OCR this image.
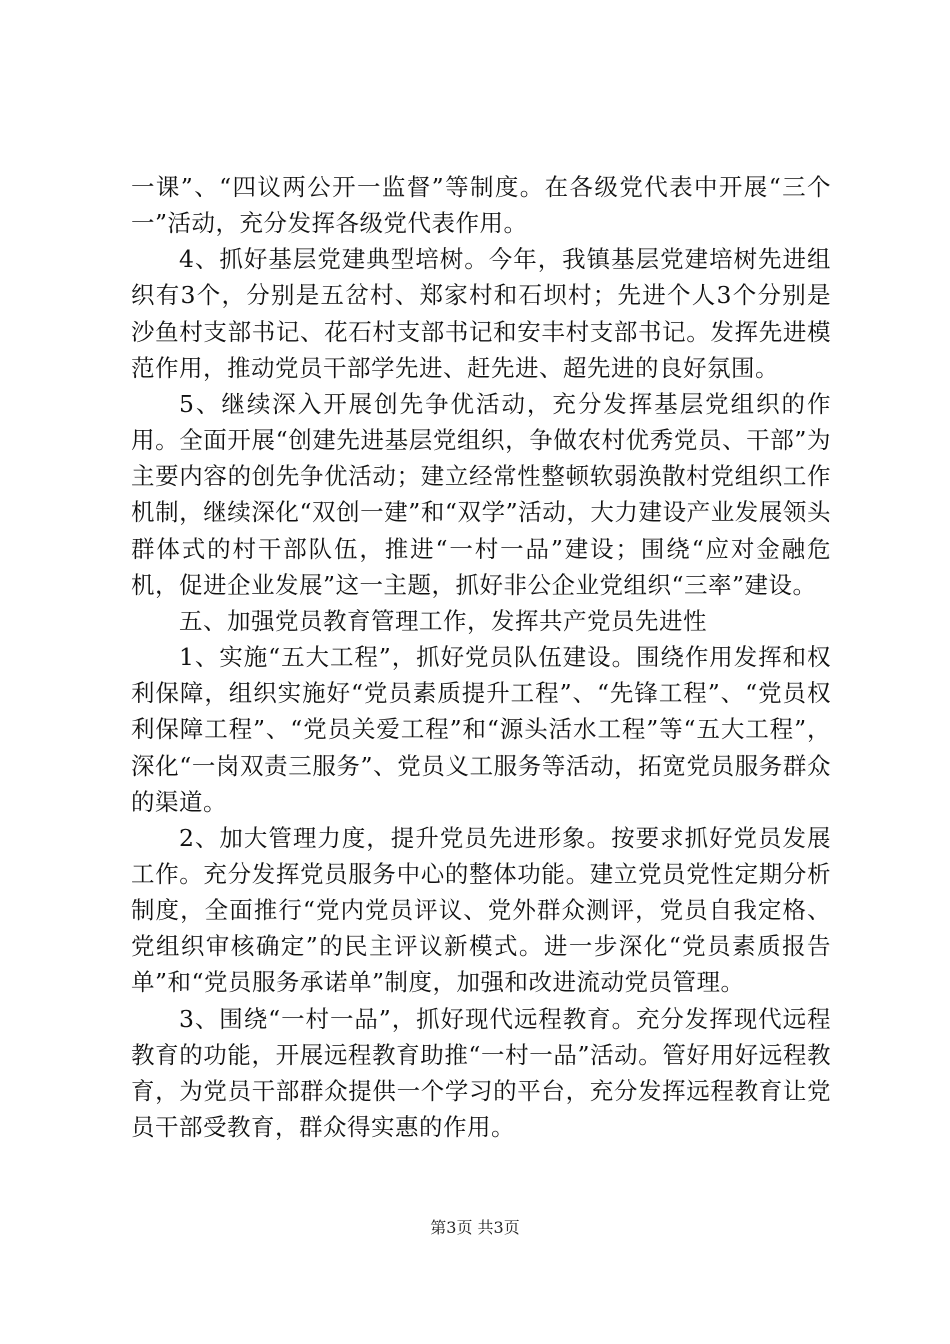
一课”、“四议两公开一监督”等制度。在各级党代表中开展“三个一”活动，充分发挥各级党代表作用。

4、抓好基层党建典型培树。今年，我镇基层党建培树先进组织有3个，分别是五岔村、郑家村和石坝村；先进个人3个分别是沙鱼村支部书记、花石村支部书记和安丰村支部书记。发挥先进模范作用，推动党员干部学先进、赶先进、超先进的良好氛围。

5、继续深入开展创先争优活动，充分发挥基层党组织的作用。全面开展“创建先进基层党组织，争做农村优秀党员、干部”为主要内容的创先争优活动；建立经常性整顿软弱涣散村党组织工作机制，继续深化“双创一建”和“双学”活动，大力建设产业发展领头群体式的村干部队伍，推进“一村一品”建设；围绕“应对金融危机，促进企业发展”这一主题，抓好非公企业党组织“三率”建设。

五、加强党员教育管理工作，发挥共产党员先进性

1、实施“五大工程”，抓好党员队伍建设。围绕作用发挥和权利保障，组织实施好“党员素质提升工程”、“先锋工程”、“党员权利保障工程”、“党员关爱工程”和“源头活水工程”等“五大工程”，深化“一岗双责三服务”、党员义工服务等活动，拓宽党员服务群众的渠道。

2、加大管理力度，提升党员先进形象。按要求抓好党员发展工作。充分发挥党员服务中心的整体功能。建立党员党性定期分析制度，全面推行“党内党员评议、党外群众测评，党员自我定格、党组织审核确定”的民主评议新模式。进一步深化“党员素质报告单”和“党员服务承诺单”制度，加强和改进流动党员管理。

3、围绕“一村一品”，抓好现代远程教育。充分发挥现代远程教育的功能，开展远程教育助推“一村一品”活动。管好用好远程教育，为党员干部群众提供一个学习的平台，充分发挥远程教育让党员干部受教育，群众得实惠的作用。

第3页 共3页
